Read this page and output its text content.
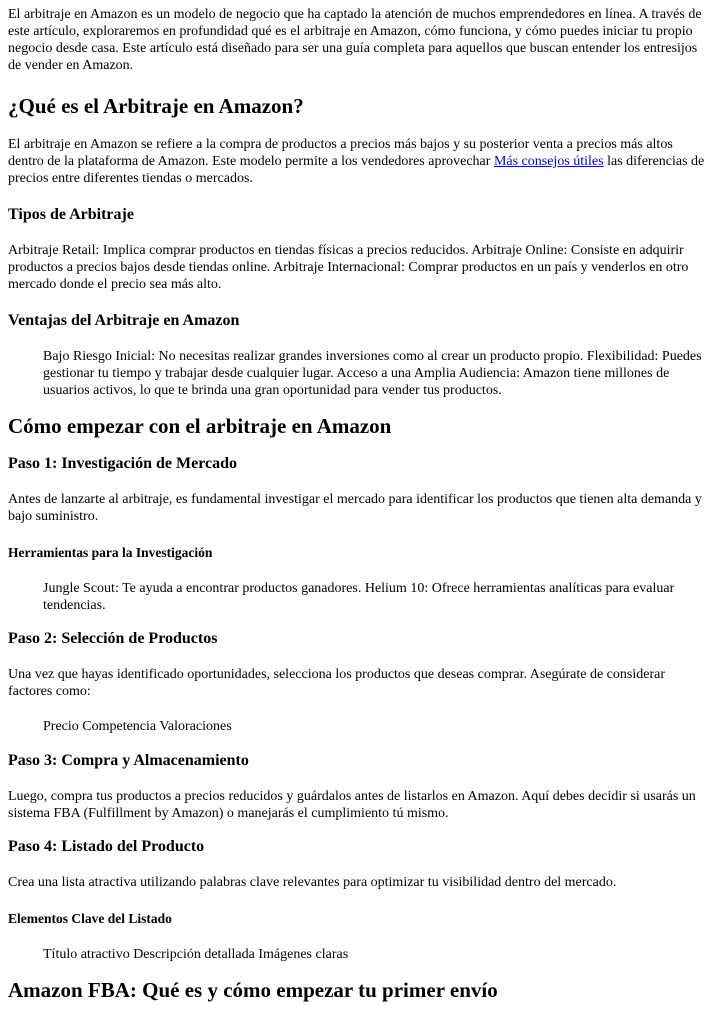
El arbitraje en Amazon es un modelo de negocio que ha captado la atención de muchos emprendedores en línea. A través de este artículo, exploraremos en profundidad qué es el arbitraje en Amazon, cómo funciona, y cómo puedes iniciar tu propio negocio desde casa. Este artículo está diseñado para ser una guía completa para aquellos que buscan entender los entresijos de vender en Amazon.

¿Qué es el Arbitraje en Amazon?

El arbitraje en Amazon se refiere a la compra de productos a precios más bajos y su posterior venta a precios más altos dentro de la plataforma de Amazon. Este modelo permite a los vendedores aprovechar Más consejos útiles las diferencias de precios entre diferentes tiendas o mercados.

Tipos de Arbitraje

Arbitraje Retail: Implica comprar productos en tiendas físicas a precios reducidos. Arbitraje Online: Consiste en adquirir productos a precios bajos desde tiendas online. Arbitraje Internacional: Comprar productos en un país y venderlos en otro mercado donde el precio sea más alto.

Ventajas del Arbitraje en Amazon
Bajo Riesgo Inicial: No necesitas realizar grandes inversiones como al crear un producto propio. Flexibilidad: Puedes gestionar tu tiempo y trabajar desde cualquier lugar. Acceso a una Amplia Audiencia: Amazon tiene millones de usuarios activos, lo que te brinda una gran oportunidad para vender tus productos.
Cómo empezar con el arbitraje en Amazon
Paso 1: Investigación de Mercado

Antes de lanzarte al arbitraje, es fundamental investigar el mercado para identificar los productos que tienen alta demanda y bajo suministro.

Herramientas para la Investigación
Jungle Scout: Te ayuda a encontrar productos ganadores. Helium 10: Ofrece herramientas analíticas para evaluar tendencias.
Paso 2: Selección de Productos

Una vez que hayas identificado oportunidades, selecciona los productos que deseas comprar. Asegúrate de considerar factores como:

Precio Competencia Valoraciones
Paso 3: Compra y Almacenamiento

Luego, compra tus productos a precios reducidos y guárdalos antes de listarlos en Amazon. Aquí debes decidir si usarás un sistema FBA (Fulfillment by Amazon) o manejarás el cumplimiento tú mismo.

Paso 4: Listado del Producto

Crea una lista atractiva utilizando palabras clave relevantes para optimizar tu visibilidad dentro del mercado.

Elementos Clave del Listado
Título atractivo Descripción detallada Imágenes claras
Amazon FBA: Qué es y cómo empezar tu primer envío
